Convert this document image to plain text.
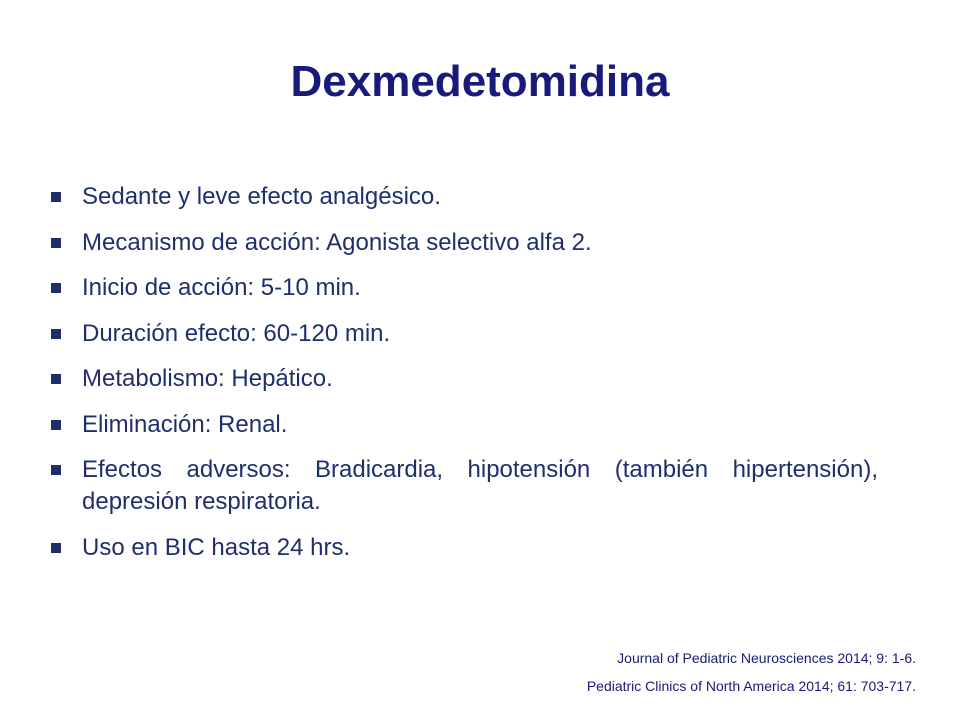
Dexmedetomidina
Sedante y leve efecto analgésico.
Mecanismo de acción: Agonista selectivo alfa 2.
Inicio de acción: 5-10 min.
Duración efecto: 60-120 min.
Metabolismo: Hepático.
Eliminación: Renal.
Efectos adversos: Bradicardia, hipotensión (también hipertensión), depresión respiratoria.
Uso en BIC hasta 24 hrs.
Journal of Pediatric Neurosciences 2014; 9: 1-6.
Pediatric Clinics of North America 2014; 61: 703-717.
